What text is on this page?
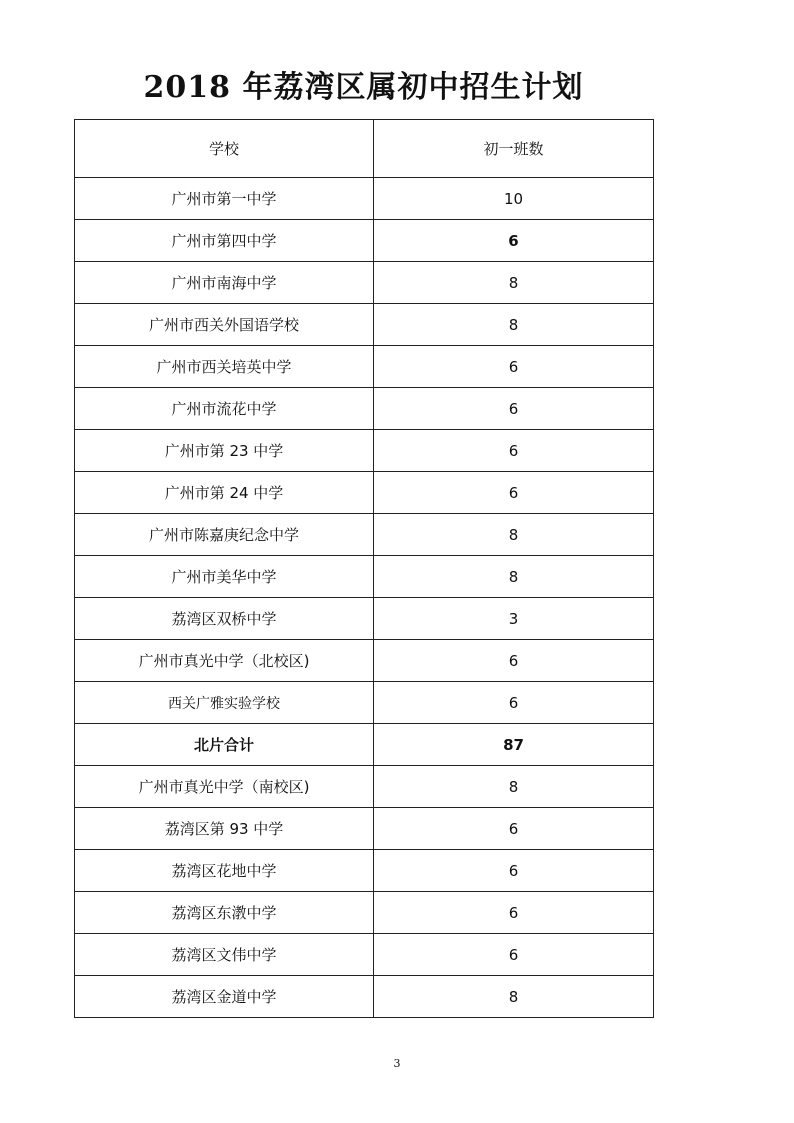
2018 年荔湾区属初中招生计划
学校	初一班数
广州市第一中学	10
广州市第四中学	6
广州市南海中学	8
广州市西关外国语学校	8
广州市西关培英中学	6
广州市流花中学	6
广州市第 23 中学	6
广州市第 24 中学	6
广州市陈嘉庚纪念中学	8
广州市美华中学	8
荔湾区双桥中学	3
广州市真光中学（北校区)	6
西关广雅实验学校	6
北片合计	87
广州市真光中学（南校区)	8
荔湾区第 93 中学	6
荔湾区花地中学	6
荔湾区东漖中学	6
荔湾区文伟中学	6
荔湾区金道中学	8
3
